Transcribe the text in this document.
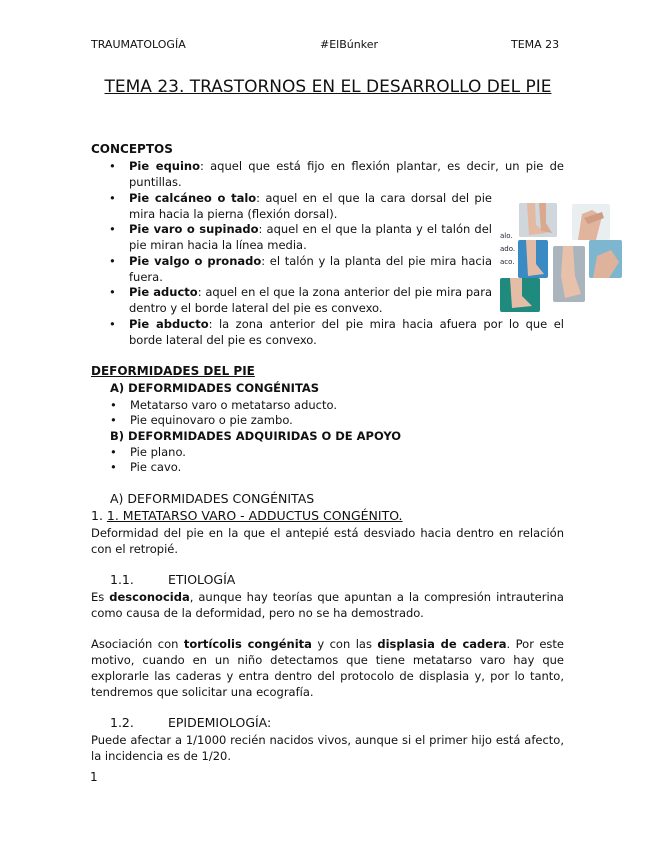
TRAUMATOLOGÍA	#ElBúnker	TEMA 23
TEMA 23. TRASTORNOS EN EL DESARROLLO DEL PIE
CONCEPTOS
• Pie equino: aquel que está fijo en flexión plantar, es decir, un pie de puntillas.
• Pie calcáneo o talo: aquel en el que la cara dorsal del pie mira hacia la pierna (flexión dorsal).
• Pie varo o supinado: aquel en el que la planta y el talón del pie miran hacia la línea media.
• Pie valgo o pronado: el talón y la planta del pie mira hacia fuera.
• Pie aducto: aquel en el que la zona anterior del pie mira para dentro y el borde lateral del pie es convexo.
• Pie abducto: la zona anterior del pie mira hacia afuera por lo que el borde lateral del pie es convexo.
alo.
ado.
aco.
DEFORMIDADES DEL PIE
A) DEFORMIDADES CONGÉNITAS
• Metatarso varo o metatarso aducto.
• Pie equinovaro o pie zambo.
B) DEFORMIDADES ADQUIRIDAS O DE APOYO
• Pie plano.
• Pie cavo.
A) DEFORMIDADES CONGÉNITAS
1. 1. METATARSO VARO - ADDUCTUS CONGÉNITO.
Deformidad del pie en la que el antepié está desviado hacia dentro en relación con el retropié.
1.1.	ETIOLOGÍA
Es desconocida, aunque hay teorías que apuntan a la compresión intrauterina como causa de la deformidad, pero no se ha demostrado.
Asociación con tortícolis congénita y con las displasia de cadera. Por este motivo, cuando en un niño detectamos que tiene metatarso varo hay que explorarle las caderas y entra dentro del protocolo de displasia y, por lo tanto, tendremos que solicitar una ecografía.
1.2.	EPIDEMIOLOGÍA:
Puede afectar a 1/1000 recién nacidos vivos, aunque si el primer hijo está afecto, la incidencia es de 1/20.
1
